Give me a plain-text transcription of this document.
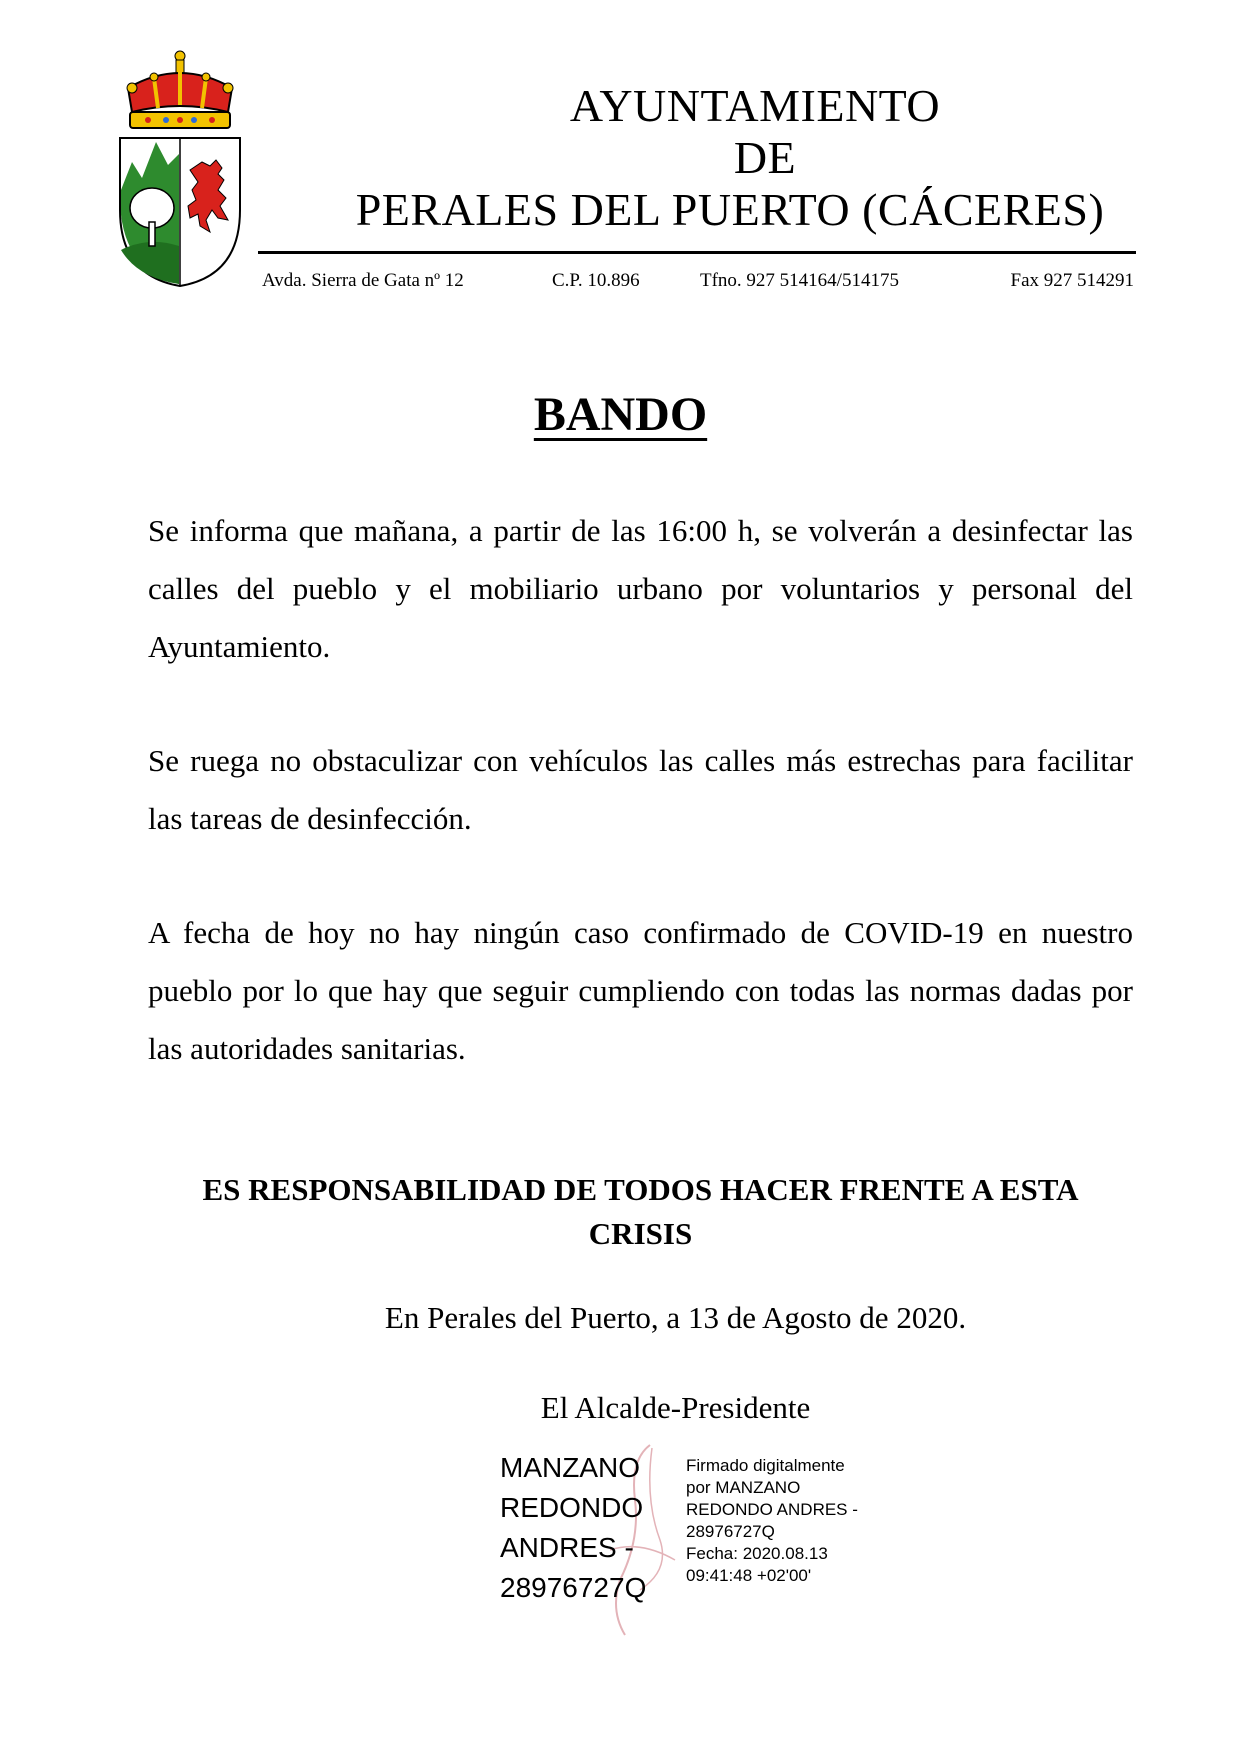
AYUNTAMIENTO
DE
PERALES DEL PUERTO (CÁCERES)
Avda. Sierra de Gata nº 12	C.P. 10.896	Tfno. 927 514164/514175	Fax 927 514291
BANDO
Se informa que mañana, a partir de las 16:00 h, se volverán a desinfectar las calles del pueblo y el mobiliario urbano por voluntarios y personal del Ayuntamiento.
Se ruega no obstaculizar con vehículos las calles más estrechas para facilitar las tareas de desinfección.
A fecha de hoy no hay ningún caso confirmado de COVID-19 en nuestro pueblo por lo que hay que seguir cumpliendo con todas las normas dadas por las autoridades sanitarias.
ES RESPONSABILIDAD DE TODOS HACER FRENTE A ESTA
CRISIS
En Perales del Puerto, a 13 de Agosto de 2020.
El Alcalde-Presidente
MANZANO
REDONDO
ANDRES -
28976727Q
Firmado digitalmente
por MANZANO
REDONDO ANDRES -
28976727Q
Fecha: 2020.08.13
09:41:48 +02'00'
